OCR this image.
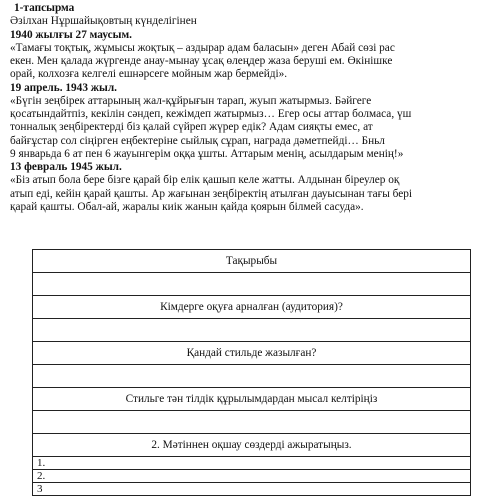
1-тапсырма
Әзілхан Нұршайықовтың күнделігінен
1940 жылғы 27 маусым.
«Тамағы тоқтық, жұмысы жоқтық – аздырар адам баласын» деген Абай сөзі рас
екен. Мен қалада жүргенде анау-мынау ұсақ өлеңдер жаза беруші ем. Өкінішке
орай, колхозға келгелі ешнәрсеге мойным жар бермейді».
19 апрель. 1943 жыл.
«Бүгін зеңбірек аттарының жал-құйрығын тарап, жуып жатырмыз. Бәйгеге
қосатындайтпіз, кекілін сәндеп, кежімдеп жатырмыз… Егер осы аттар болмаса, үш
тонналық зеңбіректерді біз қалай сүйреп жүрер едік? Адам сияқты емес, ат
байғұстар сол сіңірген еңбектеріне сыйлық сұрап, награда дәметпейді… Бньл
9 январьда 6 ат пен 6 жауынгерім оққа ұшты. Аттарым менің, асылдарым менің!»
13 февраль 1945 жыл.
«Біз атып бола бере бізге қарай бір елік қашып келе жатты. Алдынан біреулер оқ
атып еді, кейін қарай қашты. Ар жағынан зеңбіректің атылған дауысынан тағы бері
қарай қашты. Обал-ай, жаралы киік жанын қайда қоярын білмей сасуда».
Тақырыбы

Кімдерге оқуға арналған (аудитория)?

Қандай стильде жазылған?

Стильге тән тілдік құрылымдардан мысал келтіріңіз

2. Мәтіннен оқшау сөздерді ажыратыңыз.
1.
2.
3
